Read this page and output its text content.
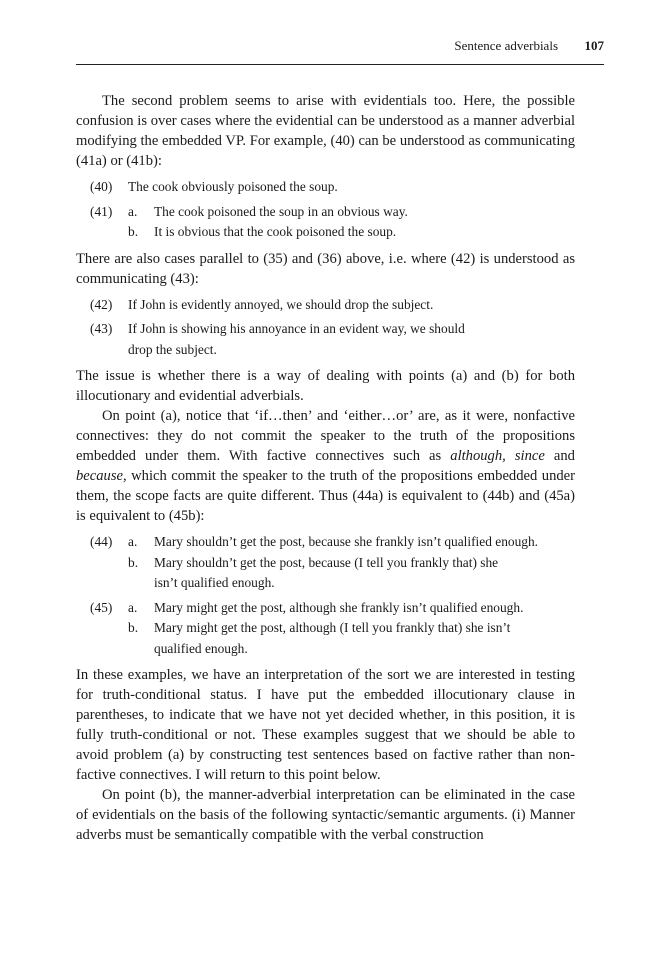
Sentence adverbials 107

The second problem seems to arise with evidentials too. Here, the possible confusion is over cases where the evidential can be understood as a manner adverbial modifying the embedded VP. For example, (40) can be understood as communicating (41a) or (41b):

(40)	The cook obviously poisoned the soup.
(41)	a.	The cook poisoned the soup in an obvious way.
b.	It is obvious that the cook poisoned the soup.

There are also cases parallel to (35) and (36) above, i.e. where (42) is understood as communicating (43):

(42)	If John is evidently annoyed, we should drop the subject.
(43)	If John is showing his annoyance in an evident way, we should
drop the subject.

The issue is whether there is a way of dealing with points (a) and (b) for both illocutionary and evidential adverbials.

On point (a), notice that ‘if…then’ and ‘either…or’ are, as it were, nonfactive connectives: they do not commit the speaker to the truth of the propositions embedded under them. With factive connectives such as although, since and because, which commit the speaker to the truth of the propositions embedded under them, the scope facts are quite different. Thus (44a) is equivalent to (44b) and (45a) is equivalent to (45b):

(44)	a.	Mary shouldn’t get the post, because she frankly isn’t qualified enough.
b.	Mary shouldn’t get the post, because (I tell you frankly that) she
isn’t qualified enough.
(45)	a.	Mary might get the post, although she frankly isn’t qualified enough.
b.	Mary might get the post, although (I tell you frankly that) she isn’t
qualified enough.

In these examples, we have an interpretation of the sort we are interested in testing for truth-conditional status. I have put the embedded illocutionary clause in parentheses, to indicate that we have not yet decided whether, in this position, it is fully truth-conditional or not. These examples suggest that we should be able to avoid problem (a) by constructing test sentences based on factive rather than non-factive connectives. I will return to this point below.

On point (b), the manner-adverbial interpretation can be eliminated in the case of evidentials on the basis of the following syntactic/semantic arguments. (i) Manner adverbs must be semantically compatible with the verbal construction
